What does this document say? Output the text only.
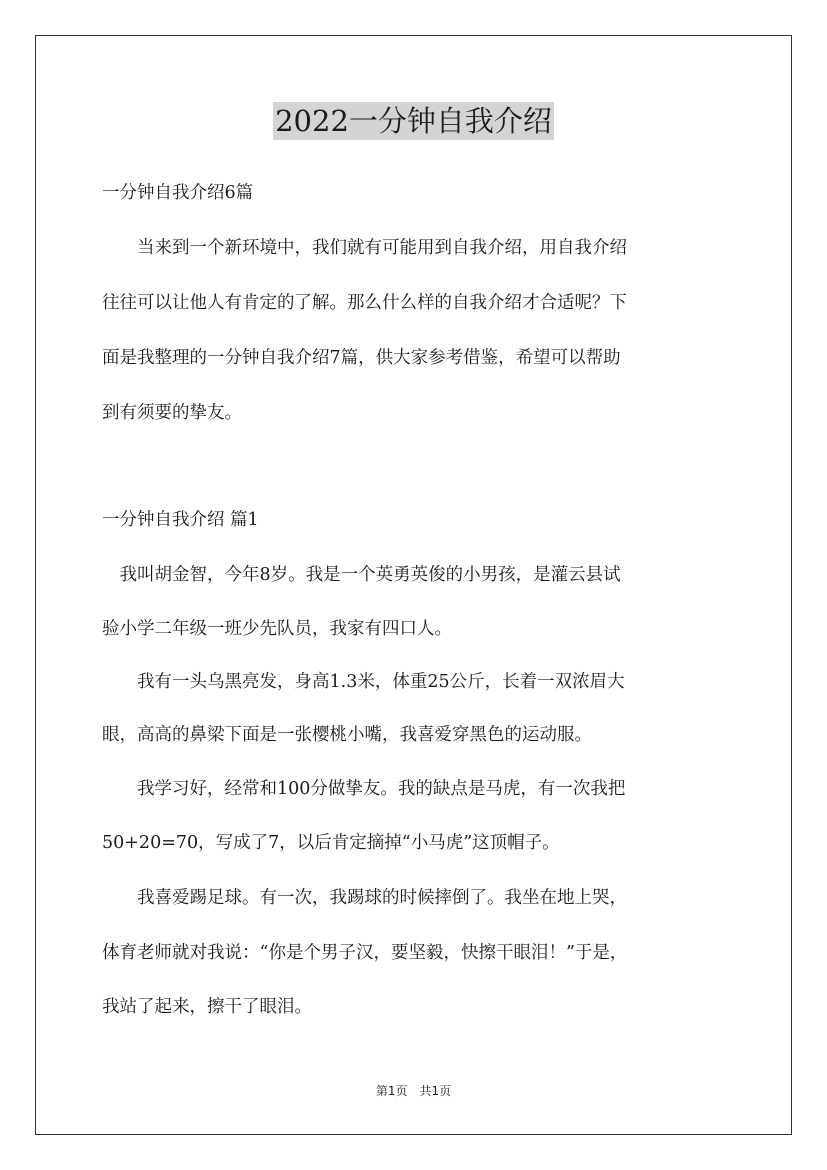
2022一分钟自我介绍
一分钟自我介绍6篇
　　当来到一个新环境中，我们就有可能用到自我介绍，用自我介绍
往往可以让他人有肯定的了解。那么什么样的自我介绍才合适呢？下
面是我整理的一分钟自我介绍7篇，供大家参考借鉴，希望可以帮助
到有须要的挚友。
一分钟自我介绍 篇1
　我叫胡金智，今年8岁。我是一个英勇英俊的小男孩，是灌云县试
验小学二年级一班少先队员，我家有四口人。
　　我有一头乌黑亮发，身高1.3米，体重25公斤，长着一双浓眉大
眼，高高的鼻梁下面是一张樱桃小嘴，我喜爱穿黑色的运动服。
　　我学习好，经常和100分做挚友。我的缺点是马虎，有一次我把
50+20=70，写成了7，以后肯定摘掉“小马虎”这顶帽子。
　　我喜爱踢足球。有一次，我踢球的时候摔倒了。我坐在地上哭，
体育老师就对我说：“你是个男子汉，要坚毅，快擦干眼泪！”于是，
我站了起来，擦干了眼泪。
第1页　共1页
